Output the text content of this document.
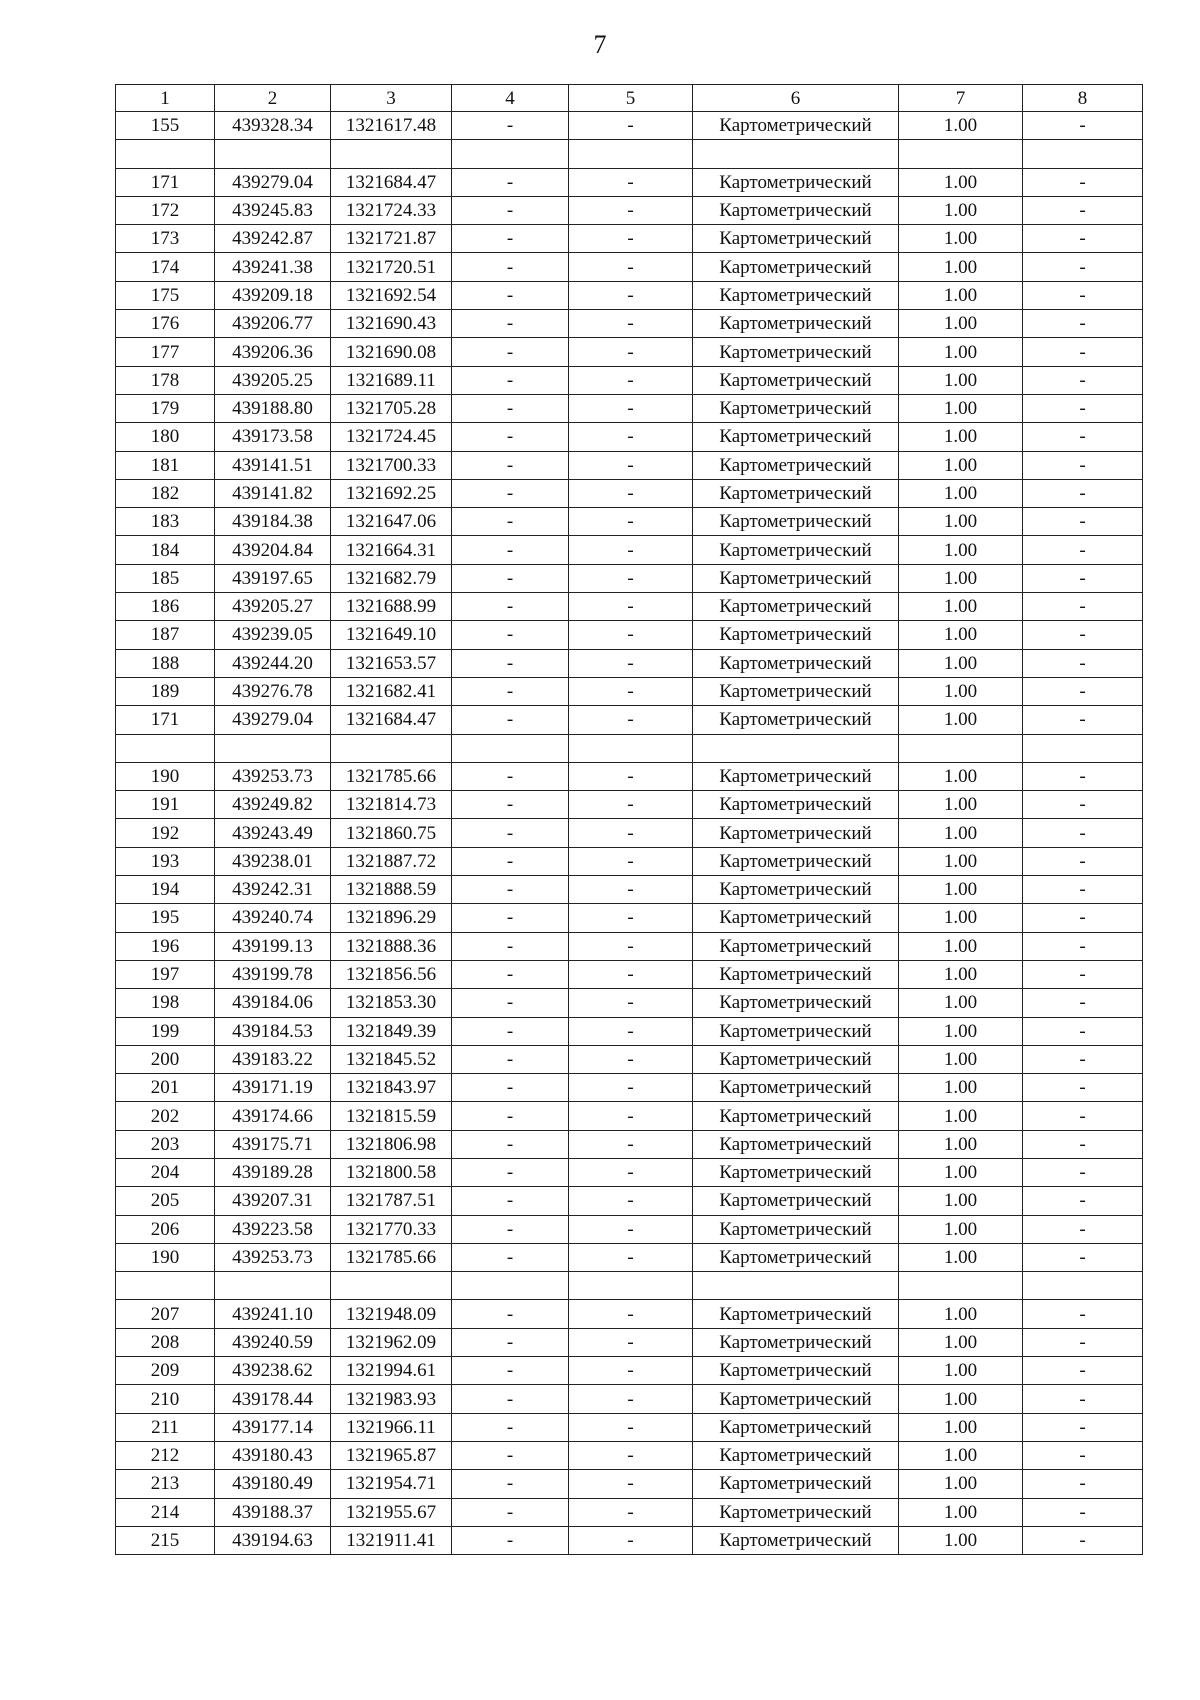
7
1	2	3	4	5	6	7	8
155	439328.34	1321617.48	-	-	Картометрический	1.00	-

171	439279.04	1321684.47	-	-	Картометрический	1.00	-
172	439245.83	1321724.33	-	-	Картометрический	1.00	-
173	439242.87	1321721.87	-	-	Картометрический	1.00	-
174	439241.38	1321720.51	-	-	Картометрический	1.00	-
175	439209.18	1321692.54	-	-	Картометрический	1.00	-
176	439206.77	1321690.43	-	-	Картометрический	1.00	-
177	439206.36	1321690.08	-	-	Картометрический	1.00	-
178	439205.25	1321689.11	-	-	Картометрический	1.00	-
179	439188.80	1321705.28	-	-	Картометрический	1.00	-
180	439173.58	1321724.45	-	-	Картометрический	1.00	-
181	439141.51	1321700.33	-	-	Картометрический	1.00	-
182	439141.82	1321692.25	-	-	Картометрический	1.00	-
183	439184.38	1321647.06	-	-	Картометрический	1.00	-
184	439204.84	1321664.31	-	-	Картометрический	1.00	-
185	439197.65	1321682.79	-	-	Картометрический	1.00	-
186	439205.27	1321688.99	-	-	Картометрический	1.00	-
187	439239.05	1321649.10	-	-	Картометрический	1.00	-
188	439244.20	1321653.57	-	-	Картометрический	1.00	-
189	439276.78	1321682.41	-	-	Картометрический	1.00	-
171	439279.04	1321684.47	-	-	Картометрический	1.00	-

190	439253.73	1321785.66	-	-	Картометрический	1.00	-
191	439249.82	1321814.73	-	-	Картометрический	1.00	-
192	439243.49	1321860.75	-	-	Картометрический	1.00	-
193	439238.01	1321887.72	-	-	Картометрический	1.00	-
194	439242.31	1321888.59	-	-	Картометрический	1.00	-
195	439240.74	1321896.29	-	-	Картометрический	1.00	-
196	439199.13	1321888.36	-	-	Картометрический	1.00	-
197	439199.78	1321856.56	-	-	Картометрический	1.00	-
198	439184.06	1321853.30	-	-	Картометрический	1.00	-
199	439184.53	1321849.39	-	-	Картометрический	1.00	-
200	439183.22	1321845.52	-	-	Картометрический	1.00	-
201	439171.19	1321843.97	-	-	Картометрический	1.00	-
202	439174.66	1321815.59	-	-	Картометрический	1.00	-
203	439175.71	1321806.98	-	-	Картометрический	1.00	-
204	439189.28	1321800.58	-	-	Картометрический	1.00	-
205	439207.31	1321787.51	-	-	Картометрический	1.00	-
206	439223.58	1321770.33	-	-	Картометрический	1.00	-
190	439253.73	1321785.66	-	-	Картометрический	1.00	-

207	439241.10	1321948.09	-	-	Картометрический	1.00	-
208	439240.59	1321962.09	-	-	Картометрический	1.00	-
209	439238.62	1321994.61	-	-	Картометрический	1.00	-
210	439178.44	1321983.93	-	-	Картометрический	1.00	-
211	439177.14	1321966.11	-	-	Картометрический	1.00	-
212	439180.43	1321965.87	-	-	Картометрический	1.00	-
213	439180.49	1321954.71	-	-	Картометрический	1.00	-
214	439188.37	1321955.67	-	-	Картометрический	1.00	-
215	439194.63	1321911.41	-	-	Картометрический	1.00	-
